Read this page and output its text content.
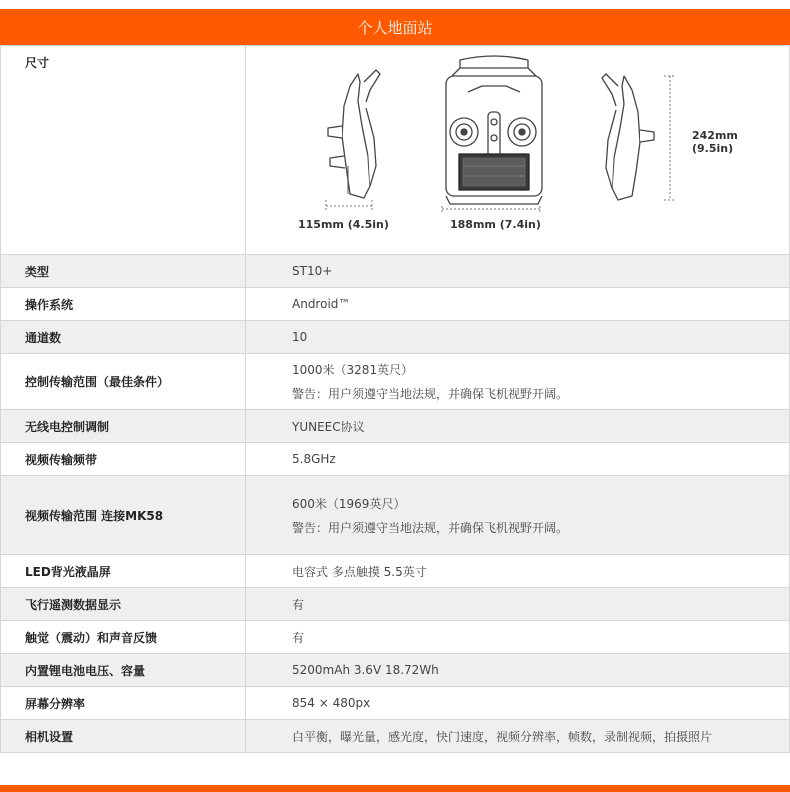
个人地面站
尺寸	115mm (4.5in) 188mm (7.4in)
242mm
(9.5in)

类型	ST10+
操作系统	Android™
通道数	10
控制传输范围（最佳条件）	1000米（3281英尺）
警告：用户须遵守当地法规，并确保飞机视野开阔。

无线电控制调制	YUNEEC协议
视频传输频带	5.8GHz
视频传输范围 连接MK58	600米（1969英尺）
警告：用户须遵守当地法规，并确保飞机视野开阔。

LED背光液晶屏	电容式 多点触摸 5.5英寸
飞行遥测数据显示	有
触觉（震动）和声音反馈	有
内置锂电池电压、容量	5200mAh 3.6V 18.72Wh
屏幕分辨率	854 × 480px
相机设置	白平衡，曝光量，感光度，快门速度，视频分辨率，帧数，录制视频，拍摄照片
